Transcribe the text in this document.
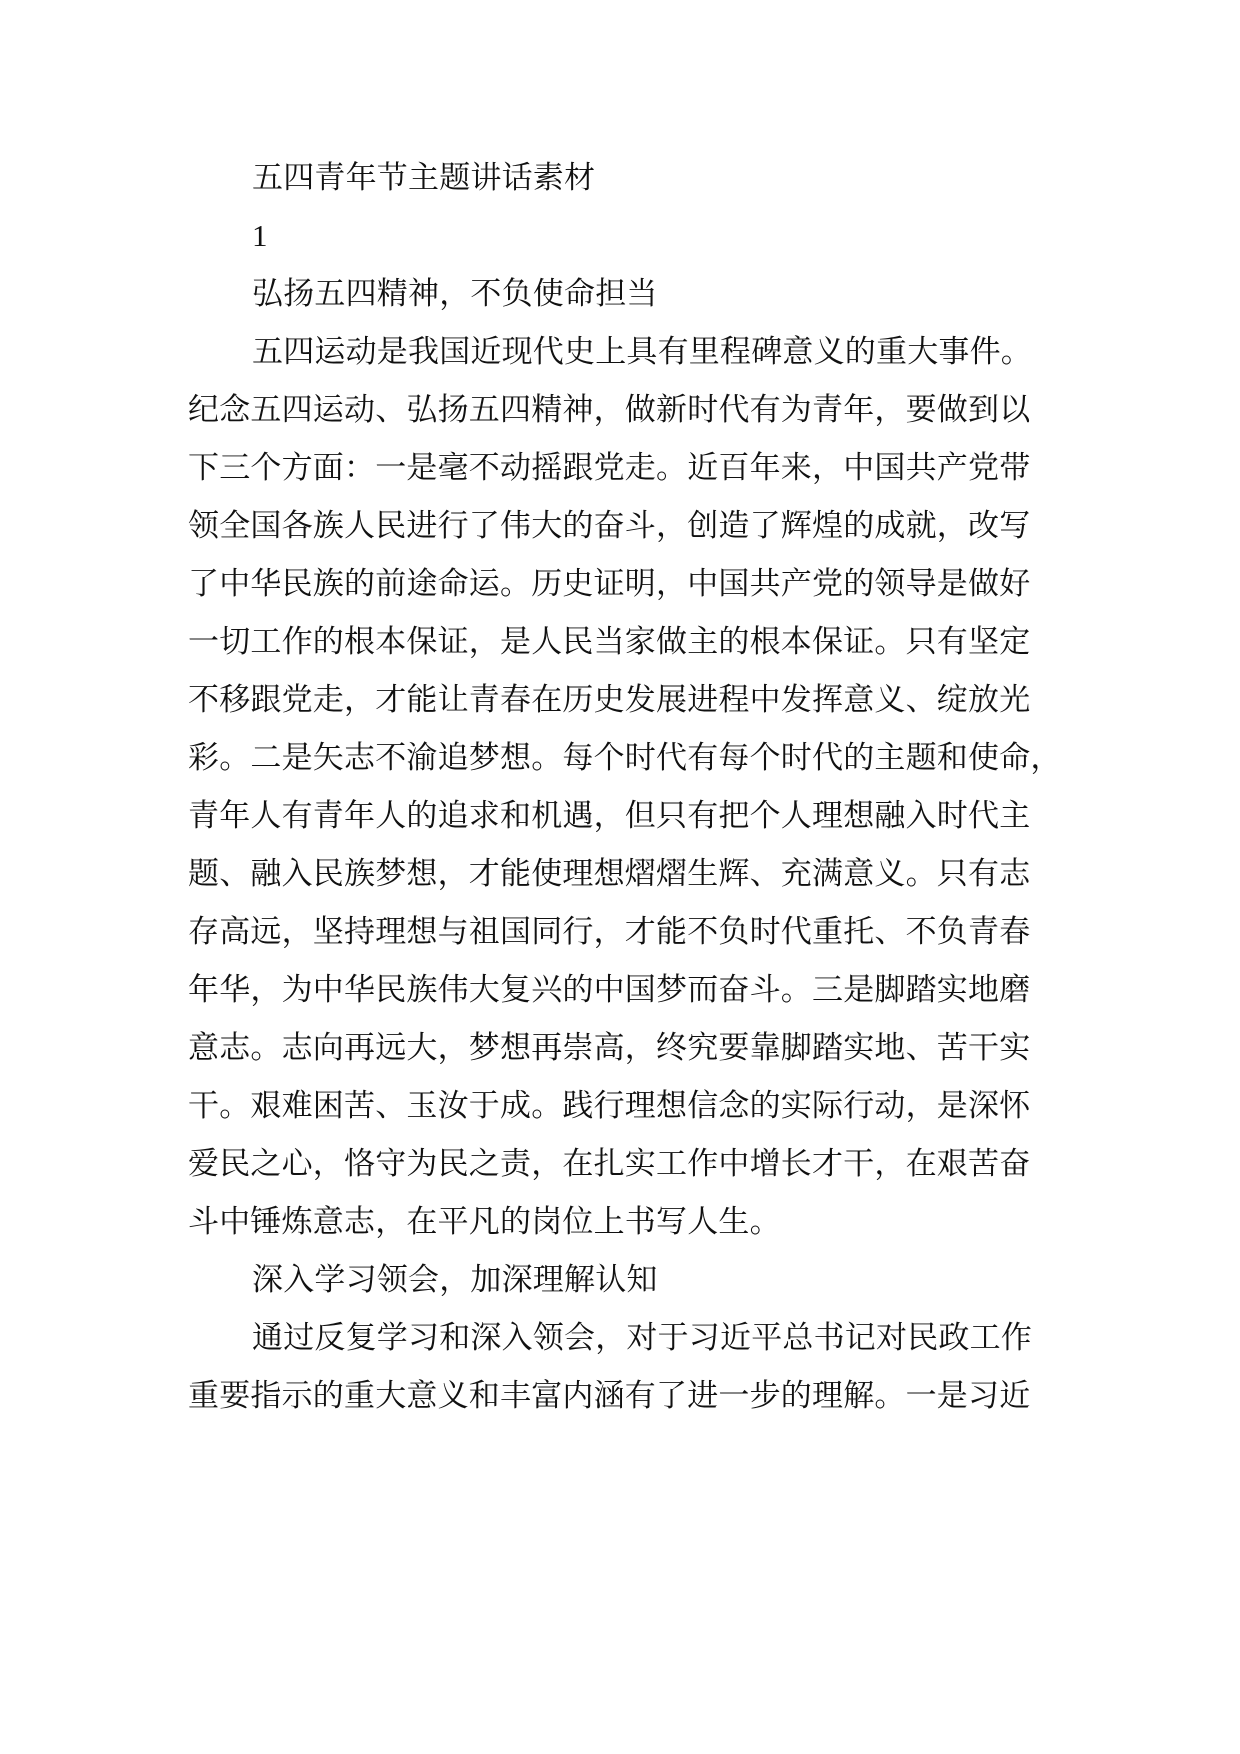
五四青年节主题讲话素材
1
弘扬五四精神，不负使命担当
五四运动是我国近现代史上具有里程碑意义的重大事件。
纪念五四运动、弘扬五四精神，做新时代有为青年，要做到以
下三个方面：一是毫不动摇跟党走。近百年来，中国共产党带
领全国各族人民进行了伟大的奋斗，创造了辉煌的成就，改写
了中华民族的前途命运。历史证明，中国共产党的领导是做好
一切工作的根本保证，是人民当家做主的根本保证。只有坚定
不移跟党走，才能让青春在历史发展进程中发挥意义、绽放光
彩。二是矢志不渝追梦想。每个时代有每个时代的主题和使命，
青年人有青年人的追求和机遇，但只有把个人理想融入时代主
题、融入民族梦想，才能使理想熠熠生辉、充满意义。只有志
存高远，坚持理想与祖国同行，才能不负时代重托、不负青春
年华，为中华民族伟大复兴的中国梦而奋斗。三是脚踏实地磨
意志。志向再远大，梦想再崇高，终究要靠脚踏实地、苦干实
干。艰难困苦、玉汝于成。践行理想信念的实际行动，是深怀
爱民之心，恪守为民之责，在扎实工作中增长才干，在艰苦奋
斗中锤炼意志，在平凡的岗位上书写人生。
深入学习领会，加深理解认知
通过反复学习和深入领会，对于习近平总书记对民政工作
重要指示的重大意义和丰富内涵有了进一步的理解。一是习近
